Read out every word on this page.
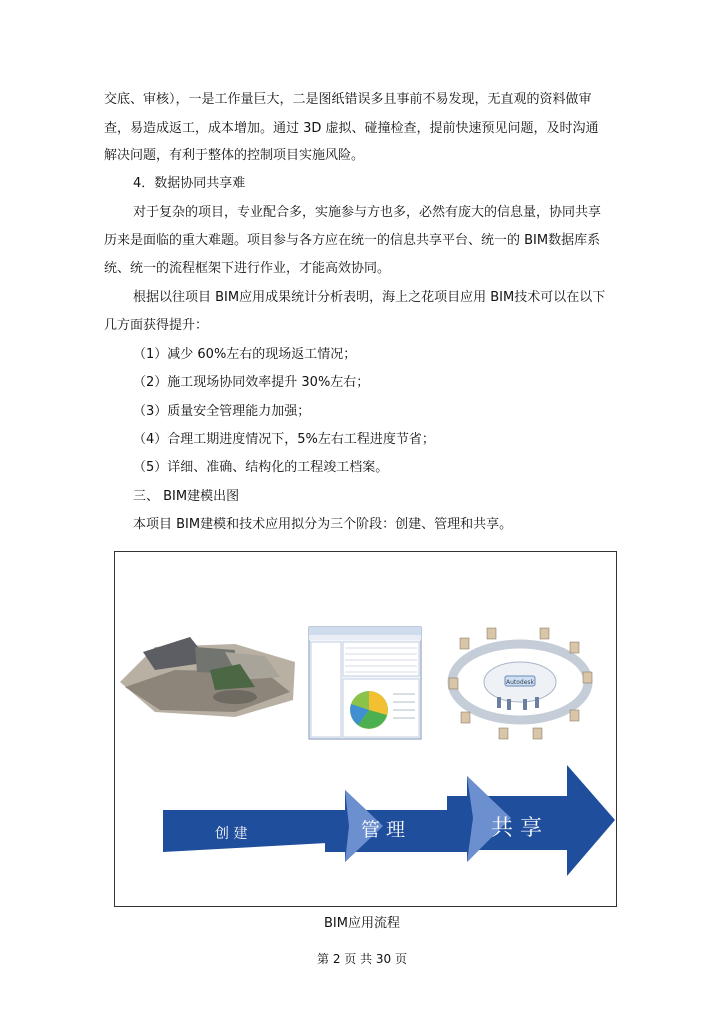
交底、审核），一是工作量巨大，二是图纸错误多且事前不易发现，无直观的资料做审
查，易造成返工，成本增加。通过 3D 虚拟、碰撞检查，提前快速预见问题，及时沟通
解决问题，有利于整体的控制项目实施风险。
4．数据协同共享难
对于复杂的项目，专业配合多，实施参与方也多，必然有庞大的信息量，协同共享
历来是面临的重大难题。项目参与各方应在统一的信息共享平台、统一的 BIM数据库系
统、统一的流程框架下进行作业，才能高效协同。
根据以往项目 BIM应用成果统计分析表明，海上之花项目应用 BIM技术可以在以下
几方面获得提升：
（1）减少 60%左右的现场返工情况；
（2）施工现场协同效率提升 30%左右；
（3）质量安全管理能力加强；
（4）合理工期进度情况下，5%左右工程进度节省；
（5）详细、准确、结构化的工程竣工档案。
三、 BIM建模出图
本项目 BIM建模和技术应用拟分为三个阶段：创建、管理和共享。
Autodesk
创 建	管 理	共 享
BIM应用流程
第 2 页 共 30 页
